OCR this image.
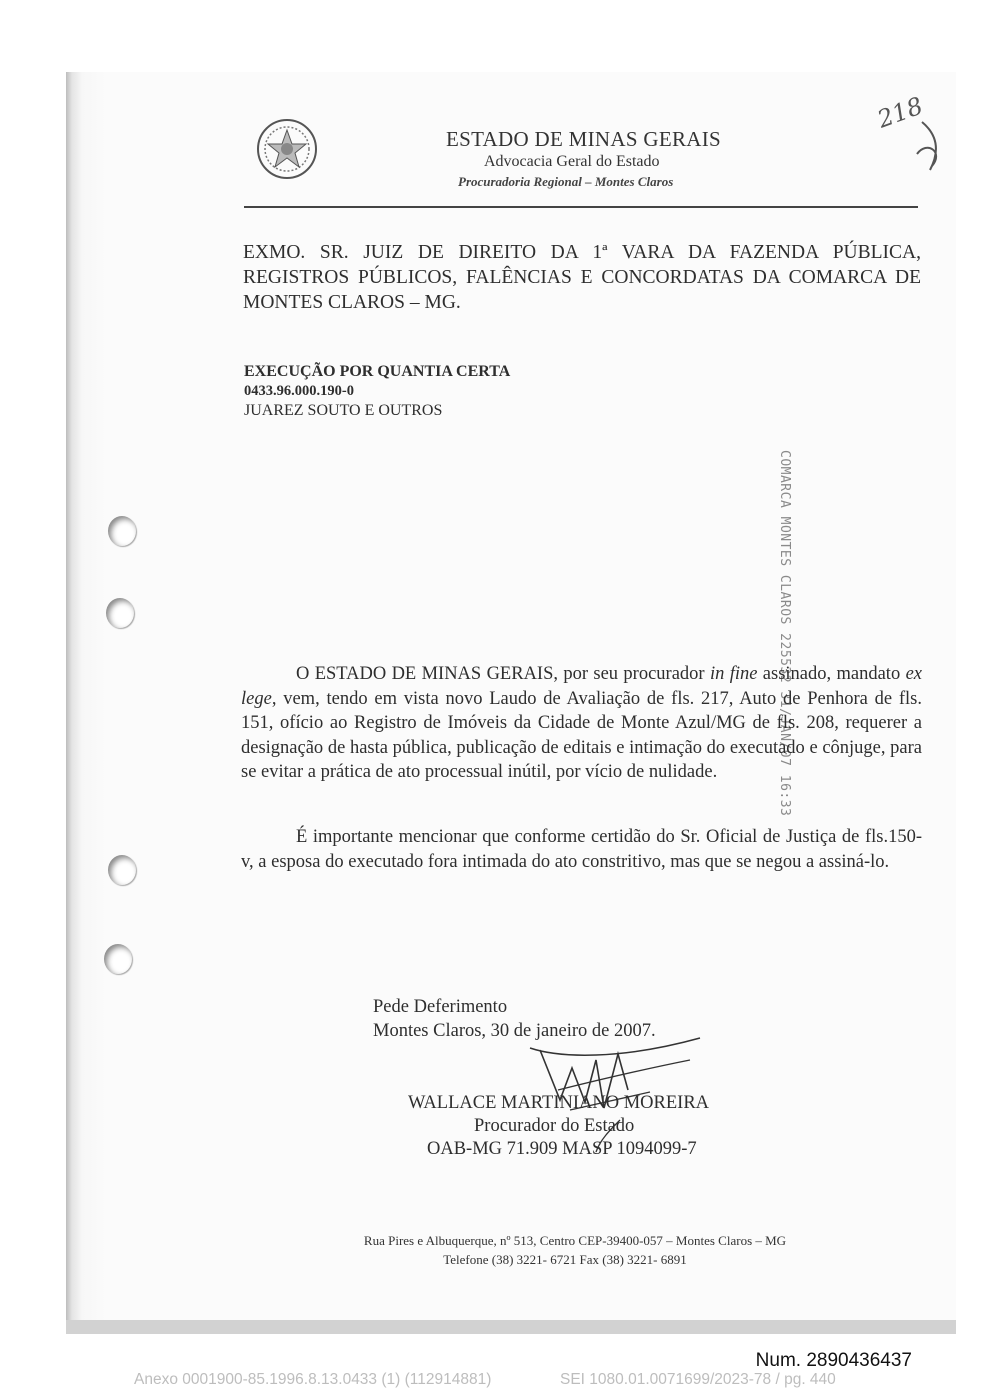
ESTADO DE MINAS GERAIS
Advocacia Geral do Estado
Procuradoria Regional – Montes Claros
218
EXMO. SR. JUIZ DE DIREITO DA 1ª VARA DA FAZENDA PÚBLICA, REGISTROS PÚBLICOS, FALÊNCIAS E CONCORDATAS DA COMARCA DE MONTES CLAROS – MG.
EXECUÇÃO POR QUANTIA CERTA
0433.96.000.190-0
JUAREZ SOUTO E OUTROS
COMARCA MONTES CLAROS 225532 31/JAN/07 16:33
O ESTADO DE MINAS GERAIS, por seu procurador in fine assinado, mandato ex lege, vem, tendo em vista novo Laudo de Avaliação de fls. 217, Auto de Penhora de fls. 151, ofício ao Registro de Imóveis da Cidade de Monte Azul/MG de fls. 208, requerer a designação de hasta pública, publicação de editais e intimação do executado e cônjuge, para se evitar a prática de ato processual inútil, por vício de nulidade.
É importante mencionar que conforme certidão do Sr. Oficial de Justiça de fls.150-v, a esposa do executado fora intimada do ato constritivo, mas que se negou a assiná-lo.
Pede Deferimento
Montes Claros, 30 de janeiro de 2007.
WALLACE MARTINIANO MOREIRA
Procurador do Estado
OAB-MG 71.909 MASP 1094099-7
Rua Pires e Albuquerque, nº 513, Centro CEP-39400-057 – Montes Claros – MG
Telefone (38) 3221- 6721 Fax (38) 3221- 6891
Num. 2890436437
Anexo 0001900-85.1996.8.13.0433 (1) (112914881)	SEI 1080.01.0071699/2023-78 / pg. 440
